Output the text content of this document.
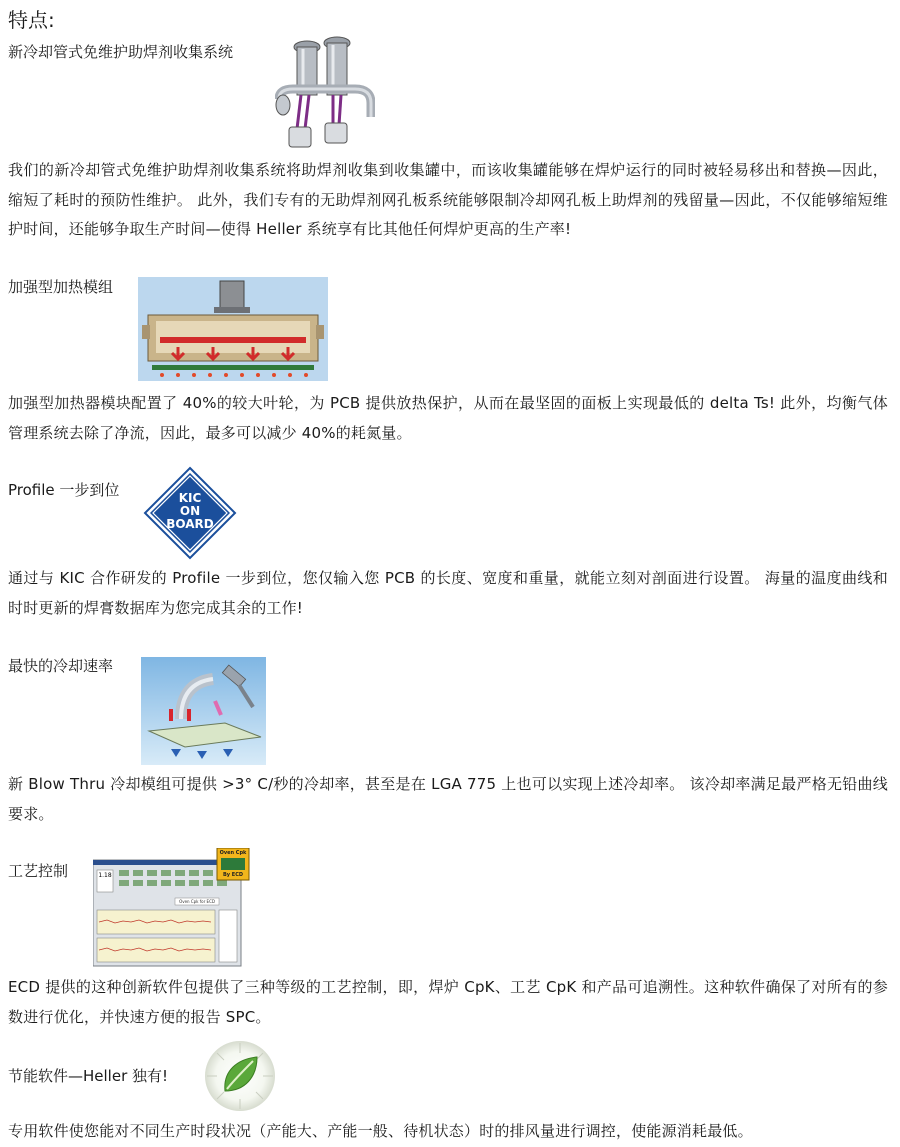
特点:
新冷却管式免维护助焊剂收集系统
我们的新冷却管式免维护助焊剂收集系统将助焊剂收集到收集罐中，而该收集罐能够在焊炉运行的同时被轻易移出和替换—因此，缩短了耗时的预防性维护。 此外，我们专有的无助焊剂网孔板系统能够限制冷却网孔板上助焊剂的残留量—因此，不仅能够缩短维护时间，还能够争取生产时间—使得 Heller 系统享有比其他任何焊炉更高的生产率!
加强型加热模组
加强型加热器模块配置了 40%的较大叶轮，为 PCB 提供放热保护，从而在最坚固的面板上实现最低的 delta Ts! 此外，均衡气体管理系统去除了净流，因此，最多可以减少 40%的耗氮量。
Profile 一步到位	KIC
ON
BOARD
通过与 KIC 合作研发的 Profile 一步到位，您仅输入您 PCB 的长度、宽度和重量，就能立刻对剖面进行设置。 海量的温度曲线和时时更新的焊膏数据库为您完成其余的工作!
最快的冷却速率
新 Blow Thru 冷却模组可提供 >3° C/秒的冷却率，甚至是在 LGA 775 上也可以实现上述冷却率。 该冷却率满足最严格无铅曲线要求。
工艺控制	1.18
Oven Cpk for ECD
Oven Cpk
By ECD
ECD 提供的这种创新软件包提供了三种等级的工艺控制，即，焊炉 CpK、工艺 CpK 和产品可追溯性。这种软件确保了对所有的参数进行优化，并快速方便的报告 SPC。
节能软件—Heller 独有!
专用软件使您能对不同生产时段状况（产能大、产能一般、待机状态）时的排风量进行调控，使能源消耗最低。
